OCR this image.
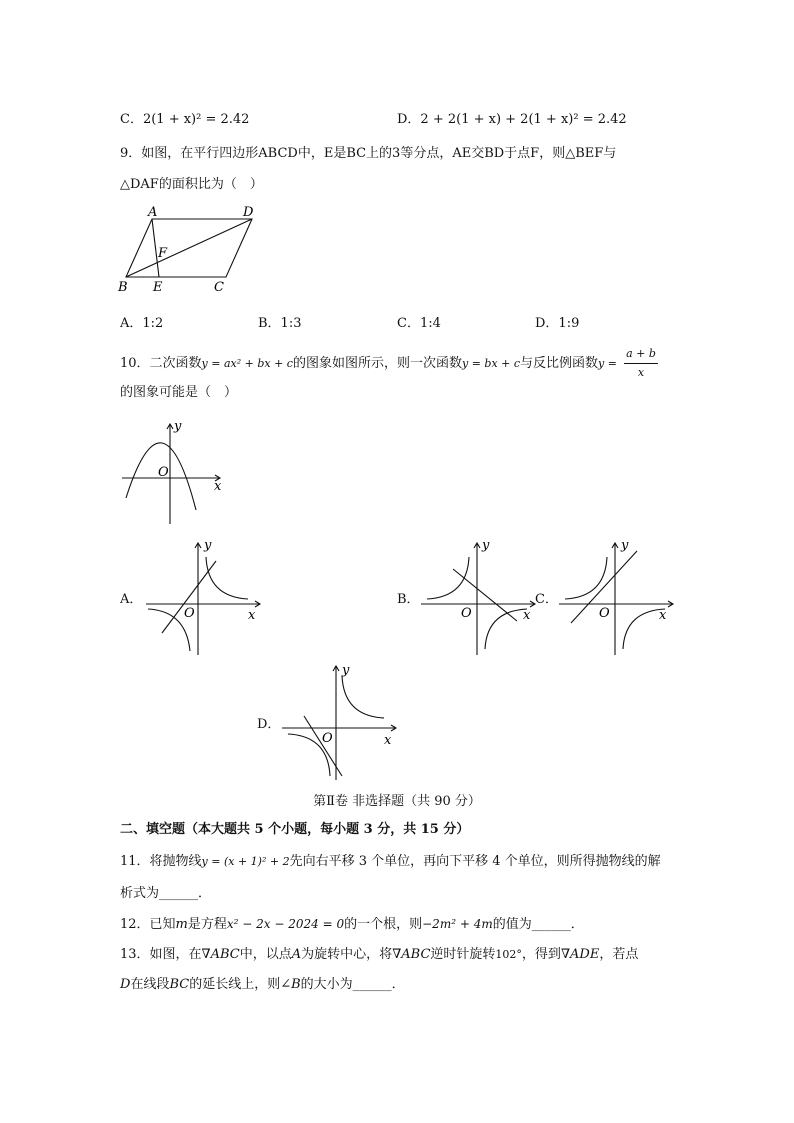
C．2(1 + x)² = 2.42	D．2 + 2(1 + x) + 2(1 + x)² = 2.42
9．如图，在平行四边形ABCD中，E是BC上的3等分点，AE交BD于点F，则△BEF与
△DAF的面积比为（　）
A	D
F
B E	C
A．1:2	B．1:3	C．1:4	D．1:9
10．二次函数y = ax² + bx + c的图象如图所示，则一次函数y = bx + c与反比例函数$y = \frac{a + b}{x}$
的图象可能是（　）
y
O
x
A．
y
O	x
B．
y
O	x
C．
y
O	x
D．
y
O	x
第Ⅱ卷 非选择题（共 90 分）
二、填空题（本大题共 5 个小题，每小题 3 分，共 15 分）
11．将抛物线y = (x + 1)² + 2先向右平移 3 个单位，再向下平移 4 个单位，则所得抛物线的解
析式为______．
12．已知m是方程x² − 2x − 2024 = 0的一个根，则−2m² + 4m的值为______．
13．如图，在∇ABC中，以点A为旋转中心，将∇ABC逆时针旋转102°，得到∇ADE，若点
D在线段BC的延长线上，则∠B的大小为______．
